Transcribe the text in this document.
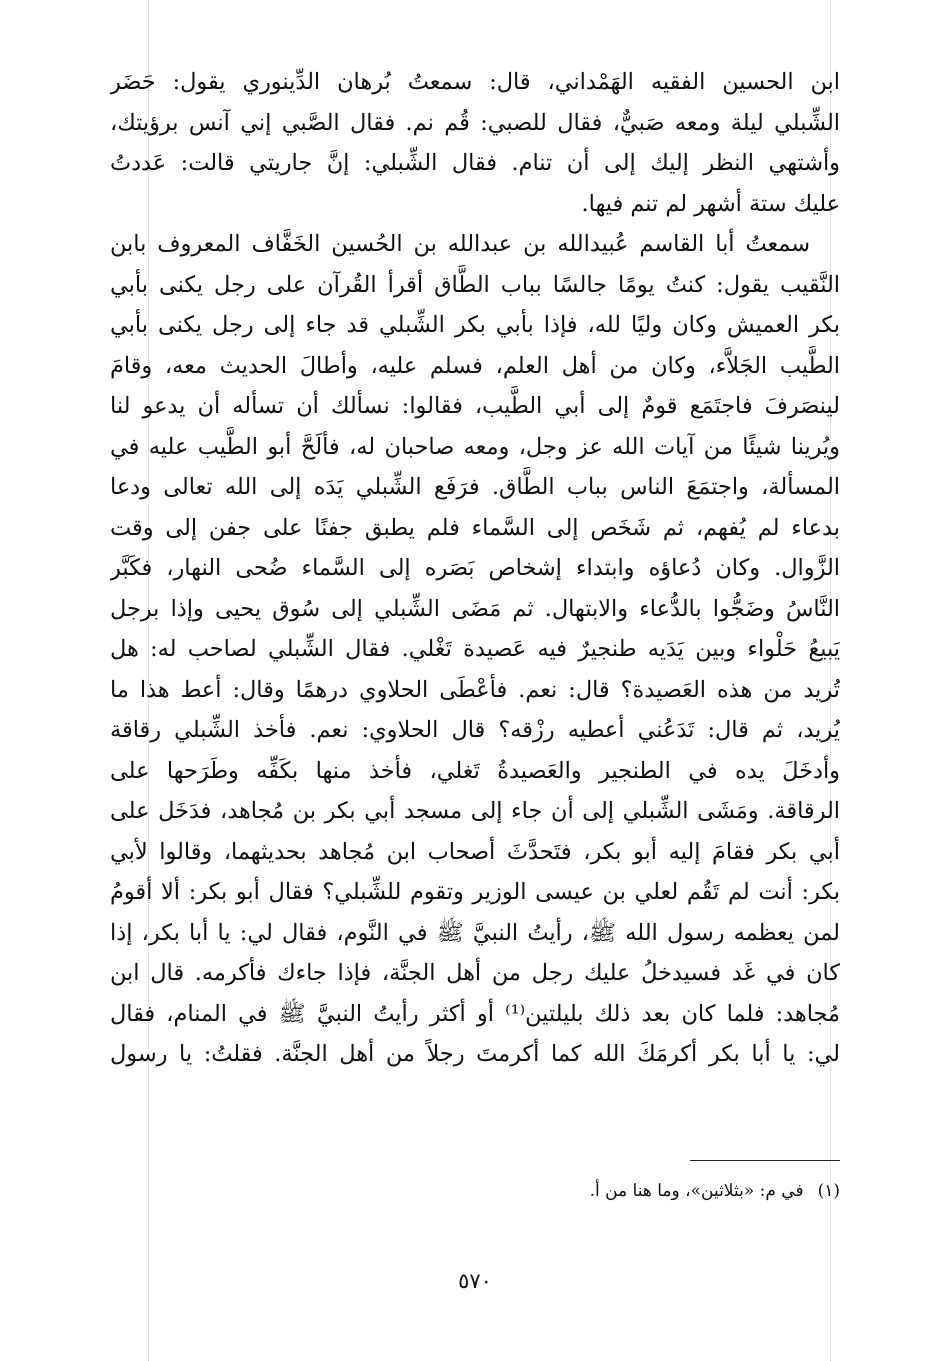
ابن الحسين الفقيه الهَمْداني، قال: سمعتُ بُرهان الدِّينوري يقول: حَضَر
الشِّبلي ليلة ومعه صَبيٌّ، فقال للصبي: قُم نم. فقال الصَّبي إني آنس برؤيتك،
وأشتهي النظر إليك إلى أن تنام. فقال الشِّبلي: إنَّ جاريتي قالت: عَددتُ
عليك ستة أشهر لم تنم فيها.
سمعتُ أبا القاسم عُبيدالله بن عبدالله بن الحُسين الخَفَّاف المعروف بابن
النَّقيب يقول: كنتُ يومًا جالسًا بباب الطَّاق أقرأ القُرآن على رجل يكنى بأبي
بكر العميش وكان وليًا لله، فإذا بأبي بكر الشِّبلي قد جاء إلى رجل يكنى بأبي
الطَّيب الجَلاَّء، وكان من أهل العلم، فسلم عليه، وأطالَ الحديث معه، وقامَ
لينصَرفَ فاجتَمَع قومٌ إلى أبي الطَّيب، فقالوا: نسألك أن تسأله أن يدعو لنا
ويُرينا شيئًا من آيات الله عز وجل، ومعه صاحبان له، فألَحَّ أبو الطَّيب عليه في
المسألة، واجتمَعَ الناس بباب الطَّاق. فرَفَع الشِّبلي يَدَه إلى الله تعالى ودعا
بدعاء لم يُفهم، ثم شَخَص إلى السَّماء فلم يطبق جفنًا على جفن إلى وقت
الزَّوال. وكان دُعاؤه وابتداء إشخاص بَصَره إلى السَّماء ضُحى النهار، فكَبَّر
النَّاسُ وضَجُّوا بالدُّعاء والابتهال. ثم مَضَى الشِّبلي إلى سُوق يحيى وإذا برجل
يَبيعُ حَلْواء وبين يَدَيه طنجيرٌ فيه عَصيدة تَغْلي. فقال الشِّبلي لصاحب له: هل
تُريد من هذه العَصيدة؟ قال: نعم. فأعْطَى الحلاوي درهمًا وقال: أعط هذا ما
يُريد، ثم قال: تَدَعُني أعطيه رزْقه؟ قال الحلاوي: نعم. فأخذ الشِّبلي رقاقة
وأدخَلَ يده في الطنجير والعَصيدةُ تَغلي، فأخذ منها بكَفِّه وطَرَحها على
الرقاقة. ومَشَى الشِّبلي إلى أن جاء إلى مسجد أبي بكر بن مُجاهد، فدَخَل على
أبي بكر فقامَ إليه أبو بكر، فتَحدَّثَ أصحاب ابن مُجاهد بحديثهما، وقالوا لأبي
بكر: أنت لم تَقُم لعلي بن عيسى الوزير وتقوم للشِّبلي؟ فقال أبو بكر: ألا أقومُ
لمن يعظمه رسول الله ﷺ، رأيتُ النبيَّ ﷺ في النَّوم، فقال لي: يا أبا بكر، إذا
كان في غَد فسيدخلُ عليك رجل من أهل الجنَّة، فإذا جاءك فأكرمه. قال ابن
مُجاهد: فلما كان بعد ذلك بليلتين⁽¹⁾ أو أكثر رأيتُ النبيَّ ﷺ في المنام، فقال
لي: يا أبا بكر أكرمَكَ الله كما أكرمتَ رجلاً من أهل الجنَّة. فقلتُ: يا رسول
(١)في م: «بثلاثين»، وما هنا من أ.
٥٧٠
